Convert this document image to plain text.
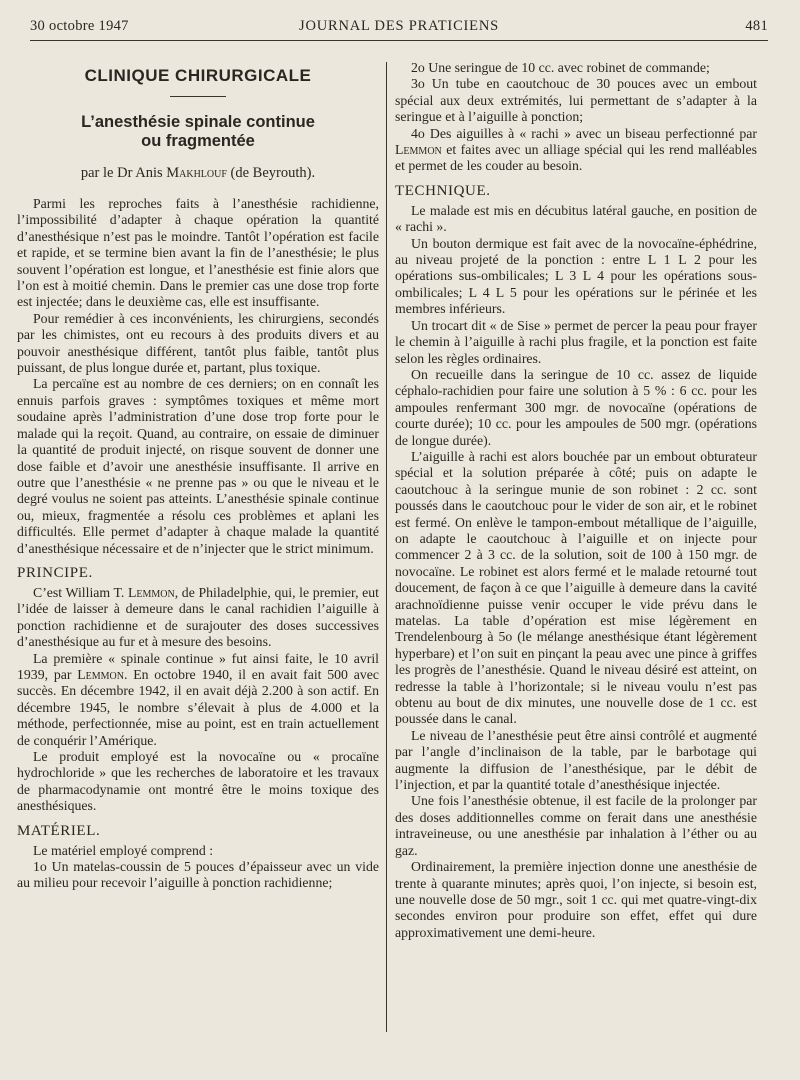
30 octobre 1947	JOURNAL DES PRATICIENS	481
CLINIQUE CHIRURGICALE
L’anesthésie spinale continue
ou fragmentée
par le Dr Anis Makhlouf (de Beyrouth).

Parmi les reproches faits à l’anesthésie rachidienne, l’impossibilité d’adapter à chaque opération la quantité d’anesthésique n’est pas le moindre. Tantôt l’opération est facile et rapide, et se termine bien avant la fin de l’anesthésie; le plus souvent l’opération est longue, et l’anesthésie est finie alors que l’on est à moitié chemin. Dans le premier cas une dose trop forte est injectée; dans le deuxième cas, elle est insuffisante.

Pour remédier à ces inconvénients, les chirurgiens, secondés par les chimistes, ont eu recours à des produits divers et au pouvoir anesthésique différent, tantôt plus faible, tantôt plus puissant, de plus longue durée et, partant, plus toxique.

La percaïne est au nombre de ces derniers; on en connaît les ennuis parfois graves : symptômes toxiques et même mort soudaine après l’administration d’une dose trop forte pour le malade qui la reçoit. Quand, au contraire, on essaie de diminuer la quantité de produit injecté, on risque souvent de donner une dose faible et d’avoir une anesthésie insuffisante. Il arrive en outre que l’anesthésie « ne prenne pas » ou que le niveau et le degré voulus ne soient pas atteints. L’anesthésie spinale continue ou, mieux, fragmentée a résolu ces problèmes et aplani les difficultés. Elle permet d’adapter à chaque malade la quantité d’anesthésique nécessaire et de n’injecter que le strict minimum.

PRINCIPE.

C’est William T. Lemmon, de Philadelphie, qui, le premier, eut l’idée de laisser à demeure dans le canal rachidien l’aiguille à ponction rachidienne et de surajouter des doses successives d’anesthésique au fur et à mesure des besoins.

La première « spinale continue » fut ainsi faite, le 10 avril 1939, par Lemmon. En octobre 1940, il en avait fait 500 avec succès. En décembre 1942, il en avait déjà 2.200 à son actif. En décembre 1945, le nombre s’élevait à plus de 4.000 et la méthode, perfectionnée, mise au point, est en train actuellement de conquérir l’Amérique.

Le produit employé est la novocaïne ou « procaïne hydrochloride » que les recherches de laboratoire et les travaux de pharmacodynamie ont montré être le moins toxique des anesthésiques.

MATÉRIEL.

Le matériel employé comprend :

1o Un matelas-coussin de 5 pouces d’épaisseur avec un vide au milieu pour recevoir l’aiguille à ponction rachidienne;

2o Une seringue de 10 cc. avec robinet de commande;

3o Un tube en caoutchouc de 30 pouces avec un embout spécial aux deux extrémités, lui permettant de s’adapter à la seringue et à l’aiguille à ponction;

4o Des aiguilles à « rachi » avec un biseau perfectionné par Lemmon et faites avec un alliage spécial qui les rend malléables et permet de les couder au besoin.

TECHNIQUE.

Le malade est mis en décubitus latéral gauche, en position de « rachi ».

Un bouton dermique est fait avec de la novocaïne-éphédrine, au niveau projeté de la ponction : entre L 1 L 2 pour les opérations sus-ombilicales; L 3 L 4 pour les opérations sous-ombilicales; L 4 L 5 pour les opérations sur le périnée et les membres inférieurs.

Un trocart dit « de Sise » permet de percer la peau pour frayer le chemin à l’aiguille à rachi plus fragile, et la ponction est faite selon les règles ordinaires.

On recueille dans la seringue de 10 cc. assez de liquide céphalo-rachidien pour faire une solution à 5 % : 6 cc. pour les ampoules renfermant 300 mgr. de novocaïne (opérations de courte durée); 10 cc. pour les ampoules de 500 mgr. (opérations de longue durée).

L’aiguille à rachi est alors bouchée par un embout obturateur spécial et la solution préparée à côté; puis on adapte le caoutchouc à la seringue munie de son robinet : 2 cc. sont poussés dans le caoutchouc pour le vider de son air, et le robinet est fermé. On enlève le tampon-embout métallique de l’aiguille, on adapte le caoutchouc à l’aiguille et on injecte pour commencer 2 à 3 cc. de la solution, soit de 100 à 150 mgr. de novocaïne. Le robinet est alors fermé et le malade retourné tout doucement, de façon à ce que l’aiguille à demeure dans la cavité arachnoïdienne puisse venir occuper le vide prévu dans le matelas. La table d’opération est mise légèrement en Trendelenbourg à 5o (le mélange anesthésique étant légèrement hyperbare) et l’on suit en pinçant la peau avec une pince à griffes les progrès de l’anesthésie. Quand le niveau désiré est atteint, on redresse la table à l’horizontale; si le niveau voulu n’est pas obtenu au bout de dix minutes, une nouvelle dose de 1 cc. est poussée dans le canal.

Le niveau de l’anesthésie peut être ainsi contrôlé et augmenté par l’angle d’inclinaison de la table, par le barbotage qui augmente la diffusion de l’anesthésique, par le débit de l’injection, et par la quantité totale d’anesthésique injectée.

Une fois l’anesthésie obtenue, il est facile de la prolonger par des doses additionnelles comme on ferait dans une anesthésie intraveineuse, ou une anesthésie par inhalation à l’éther ou au gaz.

Ordinairement, la première injection donne une anesthésie de trente à quarante minutes; après quoi, l’on injecte, si besoin est, une nouvelle dose de 50 mgr., soit 1 cc. qui met quatre-vingt-dix secondes environ pour produire son effet, effet qui dure approximativement une demi-heure.
